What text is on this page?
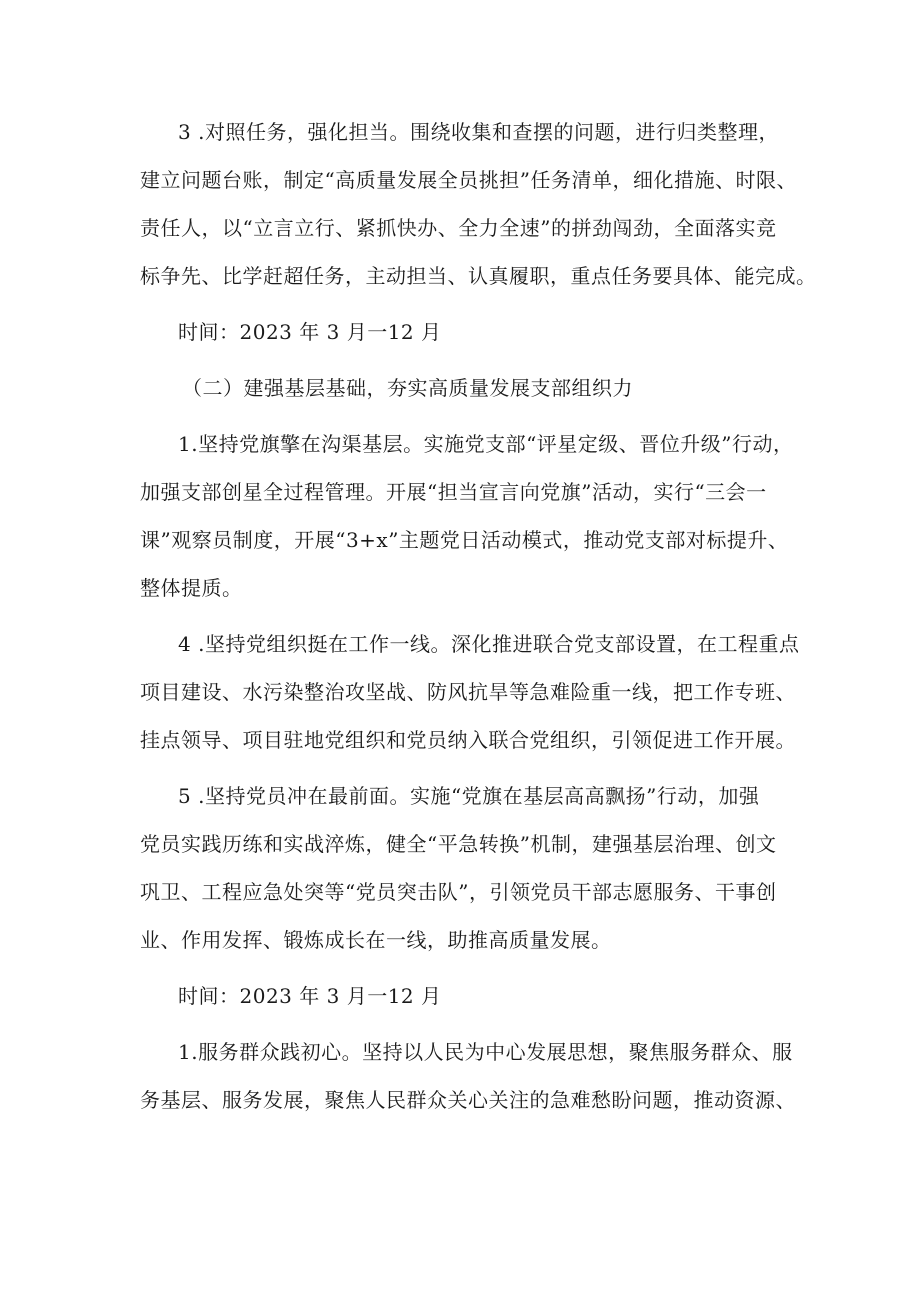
3 .对照任务，强化担当。围绕收集和查摆的问题，进行归类整理，
建立问题台账，制定“高质量发展全员挑担”任务清单，细化措施、时限、
责任人，以“立言立行、紧抓快办、全力全速”的拼劲闯劲，全面落实竞
标争先、比学赶超任务，主动担当、认真履职，重点任务要具体、能完成。
时间：2023 年 3 月一12 月
（二）建强基层基础，夯实高质量发展支部组织力
1.坚持党旗擎在沟渠基层。实施党支部“评星定级、晋位升级”行动，
加强支部创星全过程管理。开展“担当宣言向党旗”活动，实行“三会一
课”观察员制度，开展“3+x”主题党日活动模式，推动党支部对标提升、
整体提质。
4 .坚持党组织挺在工作一线。深化推进联合党支部设置，在工程重点
项目建设、水污染整治攻坚战、防风抗旱等急难险重一线，把工作专班、
挂点领导、项目驻地党组织和党员纳入联合党组织，引领促进工作开展。
5 .坚持党员冲在最前面。实施“党旗在基层高高飘扬”行动，加强
党员实践历练和实战淬炼，健全“平急转换”机制，建强基层治理、创文
巩卫、工程应急处突等“党员突击队”，引领党员干部志愿服务、干事创
业、作用发挥、锻炼成长在一线，助推高质量发展。
时间：2023 年 3 月一12 月
1.服务群众践初心。坚持以人民为中心发展思想，聚焦服务群众、服
务基层、服务发展，聚焦人民群众关心关注的急难愁盼问题，推动资源、
